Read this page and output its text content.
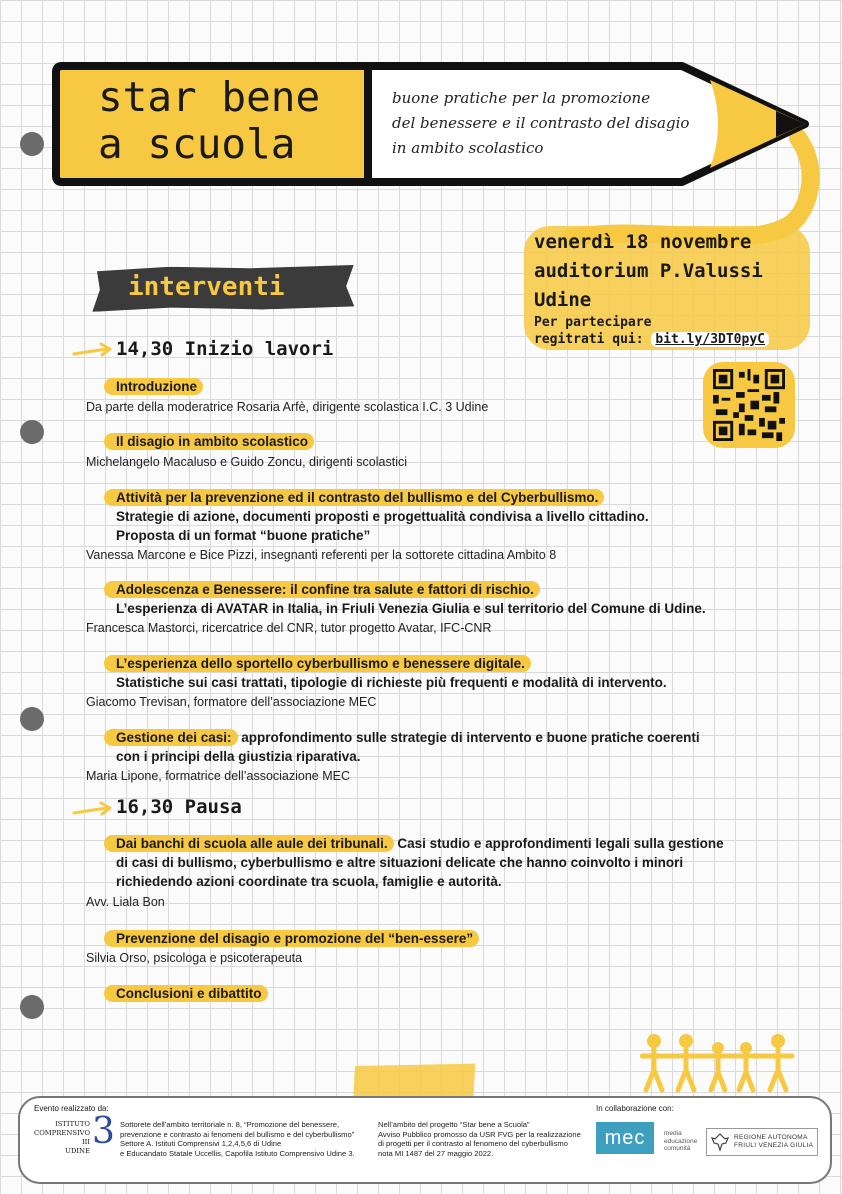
star bene
a scuola
buone pratiche per la promozione
del benessere e il contrasto del disagio
in ambito scolastico
venerdì 18 novembre
auditorium P.Valussi
Udine
Per partecipare
regitrati qui: bit.ly/3DT0pyC
interventi
14,30 Inizio lavori
Introduzione
Da parte della moderatrice Rosaria Arfè, dirigente scolastica I.C. 3 Udine
Il disagio in ambito scolastico
Michelangelo Macaluso e Guido Zoncu, dirigenti scolastici
Attività per la prevenzione ed il contrasto del bullismo e del Cyberbullismo.
Strategie di azione, documenti proposti e progettualità condivisa a livello cittadino.
Proposta di un format “buone pratiche”
Vanessa Marcone e Bice Pizzi, insegnanti referenti per la sottorete cittadina Ambito 8
Adolescenza e Benessere: il confine tra salute e fattori di rischio.
L’esperienza di AVATAR in Italia, in Friuli Venezia Giulia e sul territorio del Comune di Udine.
Francesca Mastorci, ricercatrice del CNR, tutor progetto Avatar, IFC-CNR
L’esperienza dello sportello cyberbullismo e benessere digitale.
Statistiche sui casi trattati, tipologie di richieste più frequenti e modalità di intervento.
Giacomo Trevisan, formatore dell’associazione MEC
Gestione dei casi: approfondimento sulle strategie di intervento e buone pratiche coerenti
con i principi della giustizia riparativa.
Maria Lipone, formatrice dell’associazione MEC
16,30 Pausa
Dai banchi di scuola alle aule dei tribunali. Casi studio e approfondimenti legali sulla gestione
di casi di bullismo, cyberbullismo e altre situazioni delicate che hanno coinvolto i minori
richiedendo azioni coordinate tra scuola, famiglie e autorità.
Avv. Liala Bon
Prevenzione del disagio e promozione del “ben-essere”
Silvia Orso, psicologa e psicoterapeuta
Conclusioni e dibattito
Evento realizzato da:
ISTITUTO
COMPRENSIVO III
UDINE 3 Sottorete dell’ambito territoriale n. 8, “Promozione del benessere,
prevenzione e contrasto ai fenomeni del bullismo e del cyberbullismo”
Settore A. Istituti Comprensivi 1,2,4,5,6 di Udine
e Educandato Statale Uccellis, Capofila Istituto Comprensivo Udine 3.
Nell’ambito del progetto “Star bene a Scuola”
Avviso Pubblico promosso da USR FVG per la realizzazione
di progetti per il contrasto al fenomeno del cyberbullismo
nota MI 1487 del 27 maggio 2022.
In collaborazione con:
mec	media
educazione
comunità
REGIONE AUTONOMA
FRIULI VENEZIA GIULIA
